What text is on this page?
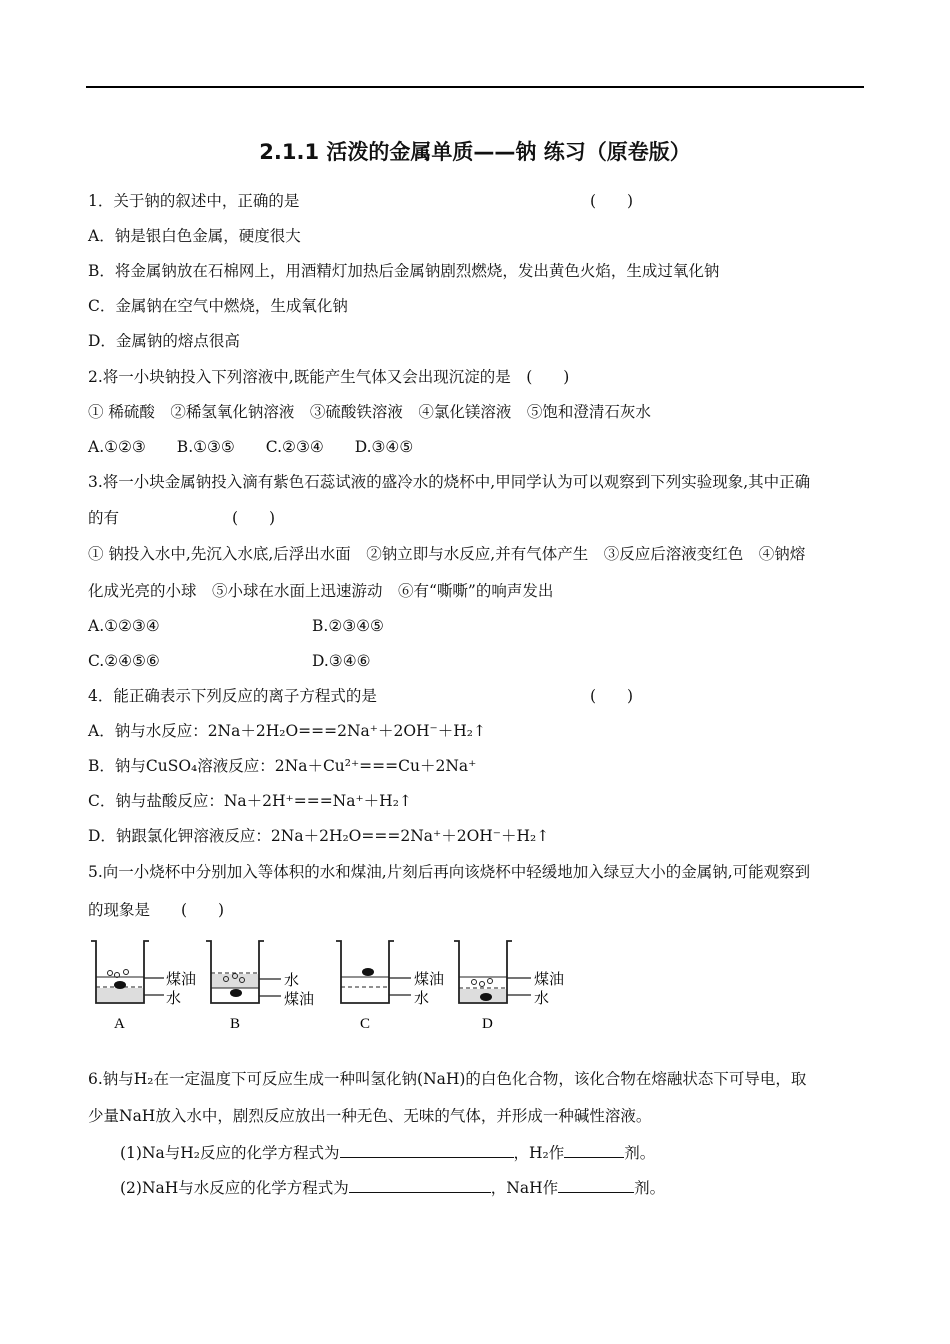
2.1.1 活泼的金属单质——钠 练习（原卷版）
1．关于钠的叙述中，正确的是	(　　)
A．钠是银白色金属，硬度很大
B．将金属钠放在石棉网上，用酒精灯加热后金属钠剧烈燃烧，发出黄色火焰，生成过氧化钠
C．金属钠在空气中燃烧，生成氧化钠
D．金属钠的熔点很高
2.将一小块钠投入下列溶液中,既能产生气体又会出现沉淀的是　(　　)
① 稀硫酸　②稀氢氧化钠溶液　③硫酸铁溶液　④氯化镁溶液　⑤饱和澄清石灰水
A.①②③　　B.①③⑤　　C.②③④　　D.③④⑤
3.将一小块金属钠投入滴有紫色石蕊试液的盛冷水的烧杯中,甲同学认为可以观察到下列实验现象,其中正确
的有	(　　)
① 钠投入水中,先沉入水底,后浮出水面　②钠立即与水反应,并有气体产生　③反应后溶液变红色　④钠熔
化成光亮的小球　⑤小球在水面上迅速游动　⑥有“嘶嘶”的响声发出
A.①②③④	B.②③④⑤
C.②④⑤⑥	D.③④⑥
4．能正确表示下列反应的离子方程式的是	(　　)
A．钠与水反应：2Na＋2H₂O===2Na⁺＋2OH⁻＋H₂↑
B．钠与CuSO₄溶液反应：2Na＋Cu²⁺===Cu＋2Na⁺
C．钠与盐酸反应：Na＋2H⁺===Na⁺＋H₂↑
D．钠跟氯化钾溶液反应：2Na＋2H₂O===2Na⁺＋2OH⁻＋H₂↑
5.向一小烧杯中分别加入等体积的水和煤油,片刻后再向该烧杯中轻缓地加入绿豆大小的金属钠,可能观察到
的现象是　　(　　)
煤油
水
A
水
煤油
B
煤油
水
C
煤油
水
D
6.钠与H₂在一定温度下可反应生成一种叫氢化钠(NaH)的白色化合物，该化合物在熔融状态下可导电，取
少量NaH放入水中，剧烈反应放出一种无色、无味的气体，并形成一种碱性溶液。
(1)Na与H₂反应的化学方程式为	，H₂作	剂。
(2)NaH与水反应的化学方程式为	，NaH作	剂。
